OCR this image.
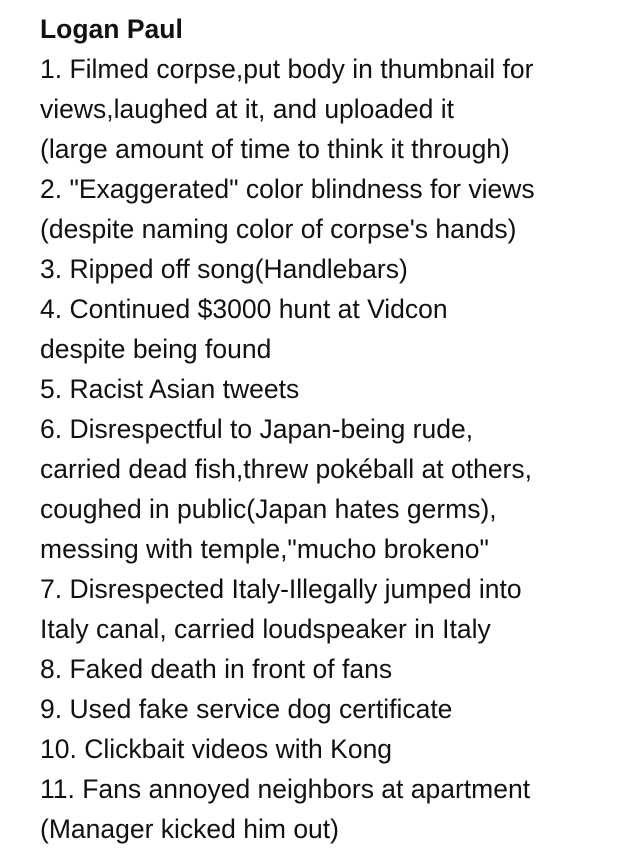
Logan Paul
1. Filmed corpse,put body in thumbnail for
views,laughed at it, and uploaded it
(large amount of time to think it through)
2. "Exaggerated" color blindness for views
(despite naming color of corpse's hands)
3. Ripped off song(Handlebars)
4. Continued $3000 hunt at Vidcon
despite being found
5. Racist Asian tweets
6. Disrespectful to Japan-being rude,
carried dead fish,threw pokéball at others,
coughed in public(Japan hates germs),
messing with temple,"mucho brokeno"
7. Disrespected Italy-Illegally jumped into
Italy canal, carried loudspeaker in Italy
8. Faked death in front of fans
9. Used fake service dog certificate
10. Clickbait videos with Kong
11. Fans annoyed neighbors at apartment
(Manager kicked him out)
